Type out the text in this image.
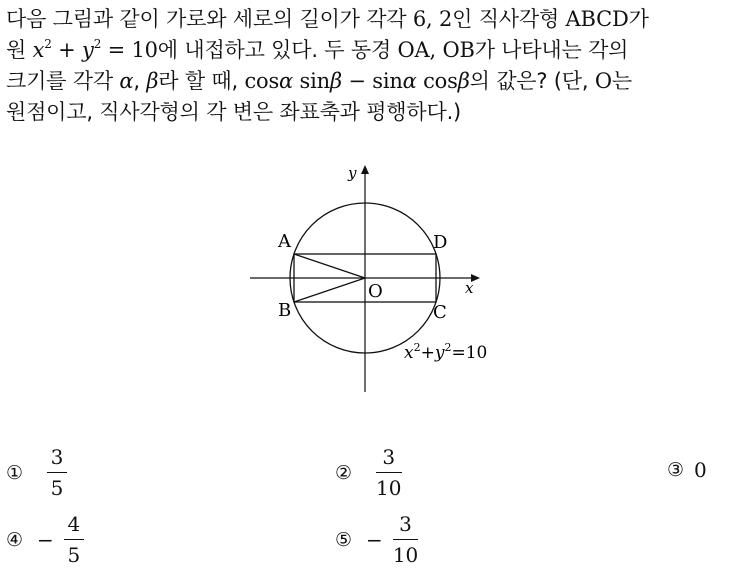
다음 그림과 같이 가로와 세로의 길이가 각각 6, 2인 직사각형 ABCD가
원 $x^2 + y^2 = 10$에 내접하고 있다. 두 동경 OA, OB가 나타내는 각의
크기를 각각 α, β라 할 때, cosα sinβ − sinα cosβ의 값은? (단, O는
원점이고, 직사각형의 각 변은 좌표축과 평행하다.)
y
x
A
B	C
D
O
$x^2+y^2=10$
① $\frac{3}{5}$	② $\frac{3}{10}$	③ 0
④ − $\frac{4}{5}$	⑤ − $\frac{3}{10}$
